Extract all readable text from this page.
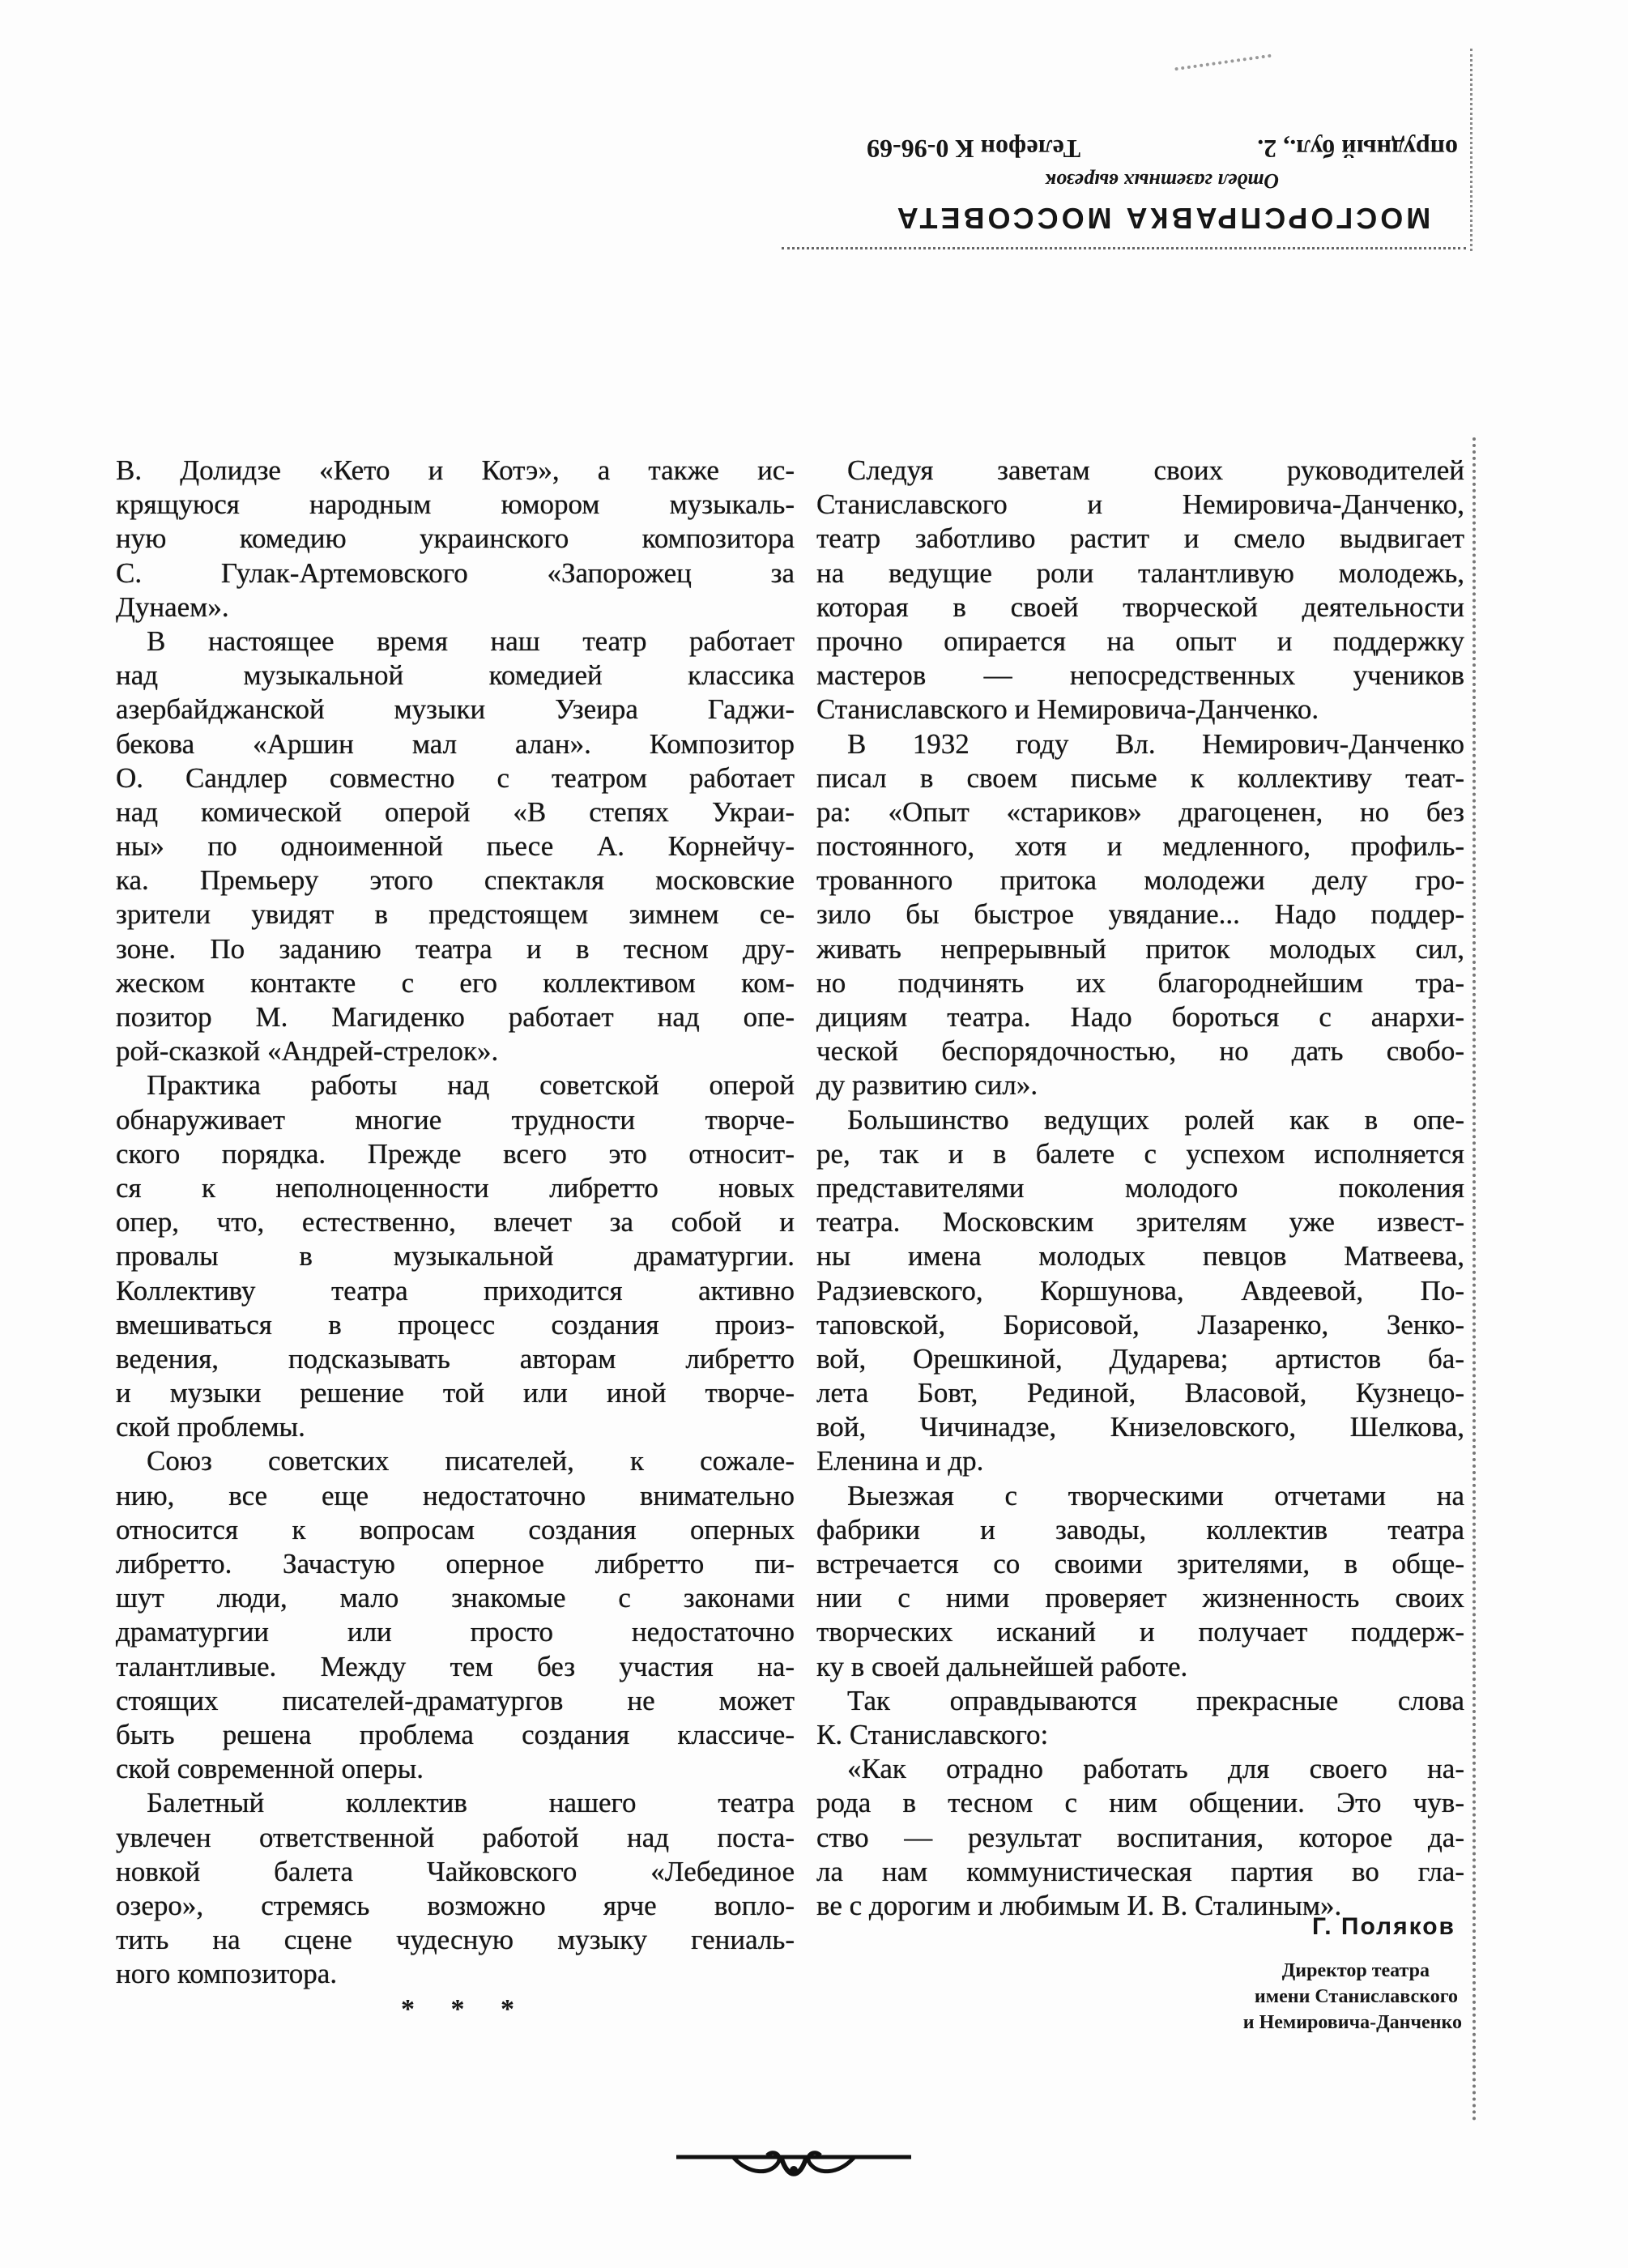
МОСГОРСПРАВКА МОССОВЕТА
Отдел газетных вырезок
опрудный бул., 2.
Телефон К 0-96-69
В. Долидзе «Кето и Котэ», а также ис-
крящуюся народным юмором музыкаль-
ную комедию украинского композитора
С. Гулак-Артемовского «Запорожец за
Дунаем».
В настоящее время наш театр работает
над музыкальной комедией классика
азербайджанской музыки Узеира Гаджи-
бекова «Аршин мал алан». Композитор
О. Сандлер совместно с театром работает
над комической оперой «В степях Украи-
ны» по одноименной пьесе А. Корнейчу-
ка. Премьеру этого спектакля московские
зрители увидят в предстоящем зимнем се-
зоне. По заданию театра и в тесном дру-
жеском контакте с его коллективом ком-
позитор М. Магиденко работает над опе-
рой-сказкой «Андрей-стрелок».
Практика работы над советской оперой
обнаруживает многие трудности творче-
ского порядка. Прежде всего это относит-
ся к неполноценности либретто новых
опер, что, естественно, влечет за собой и
провалы в музыкальной драматургии.
Коллективу театра приходится активно
вмешиваться в процесс создания произ-
ведения, подсказывать авторам либретто
и музыки решение той или иной творче-
ской проблемы.
Союз советских писателей, к сожале-
нию, все еще недостаточно внимательно
относится к вопросам создания оперных
либретто. Зачастую оперное либретто пи-
шут люди, мало знакомые с законами
драматургии или просто недостаточно
талантливые. Между тем без участия на-
стоящих писателей-драматургов не может
быть решена проблема создания классиче-
ской современной оперы.
Балетный коллектив нашего театра
увлечен ответственной работой над поста-
новкой балета Чайковского «Лебединое
озеро», стремясь возможно ярче вопло-
тить на сцене чудесную музыку гениаль-
ного композитора.
Следуя заветам своих руководителей
Станиславского и Немировича-Данченко,
театр заботливо растит и смело выдвигает
на ведущие роли талантливую молодежь,
которая в своей творческой деятельности
прочно опирается на опыт и поддержку
мастеров — непосредственных учеников
Станиславского и Немировича-Данченко.
В 1932 году Вл. Немирович-Данченко
писал в своем письме к коллективу теат-
ра: «Опыт «стариков» драгоценен, но без
постоянного, хотя и медленного, профиль-
трованного притока молодежи делу гро-
зило бы быстрое увядание... Надо поддер-
живать непрерывный приток молодых сил,
но подчинять их благороднейшим тра-
дициям театра. Надо бороться с анархи-
ческой беспорядочностью, но дать свобо-
ду развитию сил».
Большинство ведущих ролей как в опе-
ре, так и в балете с успехом исполняется
представителями молодого поколения
театра. Московским зрителям уже извест-
ны имена молодых певцов Матвеева,
Радзиевского, Коршунова, Авдеевой, По-
таповской, Борисовой, Лазаренко, Зенко-
вой, Орешкиной, Дударева; артистов ба-
лета Бовт, Рединой, Власовой, Кузнецо-
вой, Чичинадзе, Книзеловского, Шелкова,
Еленина и др.
Выезжая с творческими отчетами на
фабрики и заводы, коллектив театра
встречается со своими зрителями, в обще-
нии с ними проверяет жизненность своих
творческих исканий и получает поддерж-
ку в своей дальнейшей работе.
Так оправдываются прекрасные слова
К. Станиславского:
«Как отрадно работать для своего на-
рода в тесном с ним общении. Это чув-
ство — результат воспитания, которое да-
ла нам коммунистическая партия во гла-
ве с дорогим и любимым И. В. Сталиным».
* * *
Г. Поляков
Директор театра
имени Станиславского
и Немировича-Данченко
